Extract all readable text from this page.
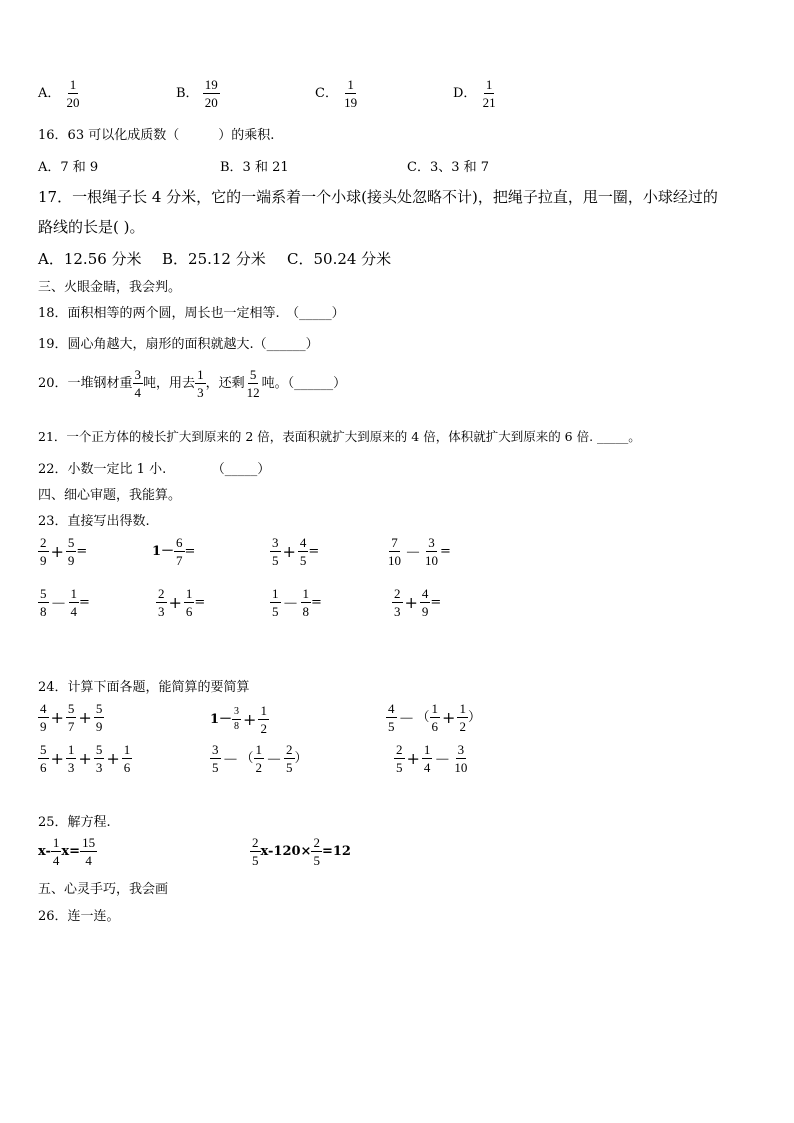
A． $\frac{1}{20}$	B． $\frac{19}{20}$	C． $\frac{1}{19}$	D． $\frac{1}{21}$
16．63 可以化成质数（　　　）的乘积.
A．7 和 9	B．3 和 21	C．3、3 和 7
17．一根绳子长 4 分米，它的一端系着一个小球(接头处忽略不计)，把绳子拉直，甩一圈，小球经过的
路线的长是( )。
A．12.56 分米 B．25.12 分米 C．50.24 分米
三、火眼金睛，我会判。
18．面积相等的两个圆，周长也一定相等.　（_____）
19．圆心角越大，扇形的面积就越大.（______）
20．一堆钢材重 $\frac{3}{4}$ 吨，用去 $\frac{1}{3}$ ，还剩 $\frac{5}{12}$ 吨。（______）
21．一个正方体的棱长扩大到原来的 2 倍，表面积就扩大到原来的 4 倍，体积就扩大到原来的 6 倍. _____。
22．小数一定比 1 小.　　　　（_____）
四、细心审题，我能算。
23．直接写出得数.
$\frac{2}{9} + \frac{5}{9}$ =	$1- \frac{6}{7}$ =	$\frac{3}{5} + \frac{4}{5}$ =	$\frac{7}{10} - \frac{3}{10}$ =
$\frac{5}{8} - \frac{1}{4}$ =	$\frac{2}{3} + \frac{1}{6}$ =	$\frac{1}{5} - \frac{1}{8}$ =	$\frac{2}{3} + \frac{4}{9}$ =
24．计算下面各题，能简算的要简算
$\frac{4}{9} + \frac{5}{7} + \frac{5}{9}$	$1- \frac{3}{8} + \frac{1}{2}$	$\frac{4}{5}$ － （ $\frac{1}{6} + \frac{1}{2}$ ）
$\frac{5}{6} + \frac{1}{3} + \frac{5}{3} + \frac{1}{6}$	$\frac{3}{5}$ － （ $\frac{1}{2} - \frac{2}{5}$ ）	$\frac{2}{5} + \frac{1}{4} - \frac{3}{10}$
25．解方程.
$x- \frac{1}{4} x= \frac{15}{4}$	$\frac{2}{5} x-120\times \frac{2}{5} =12$
五、心灵手巧，我会画
26．连一连。
